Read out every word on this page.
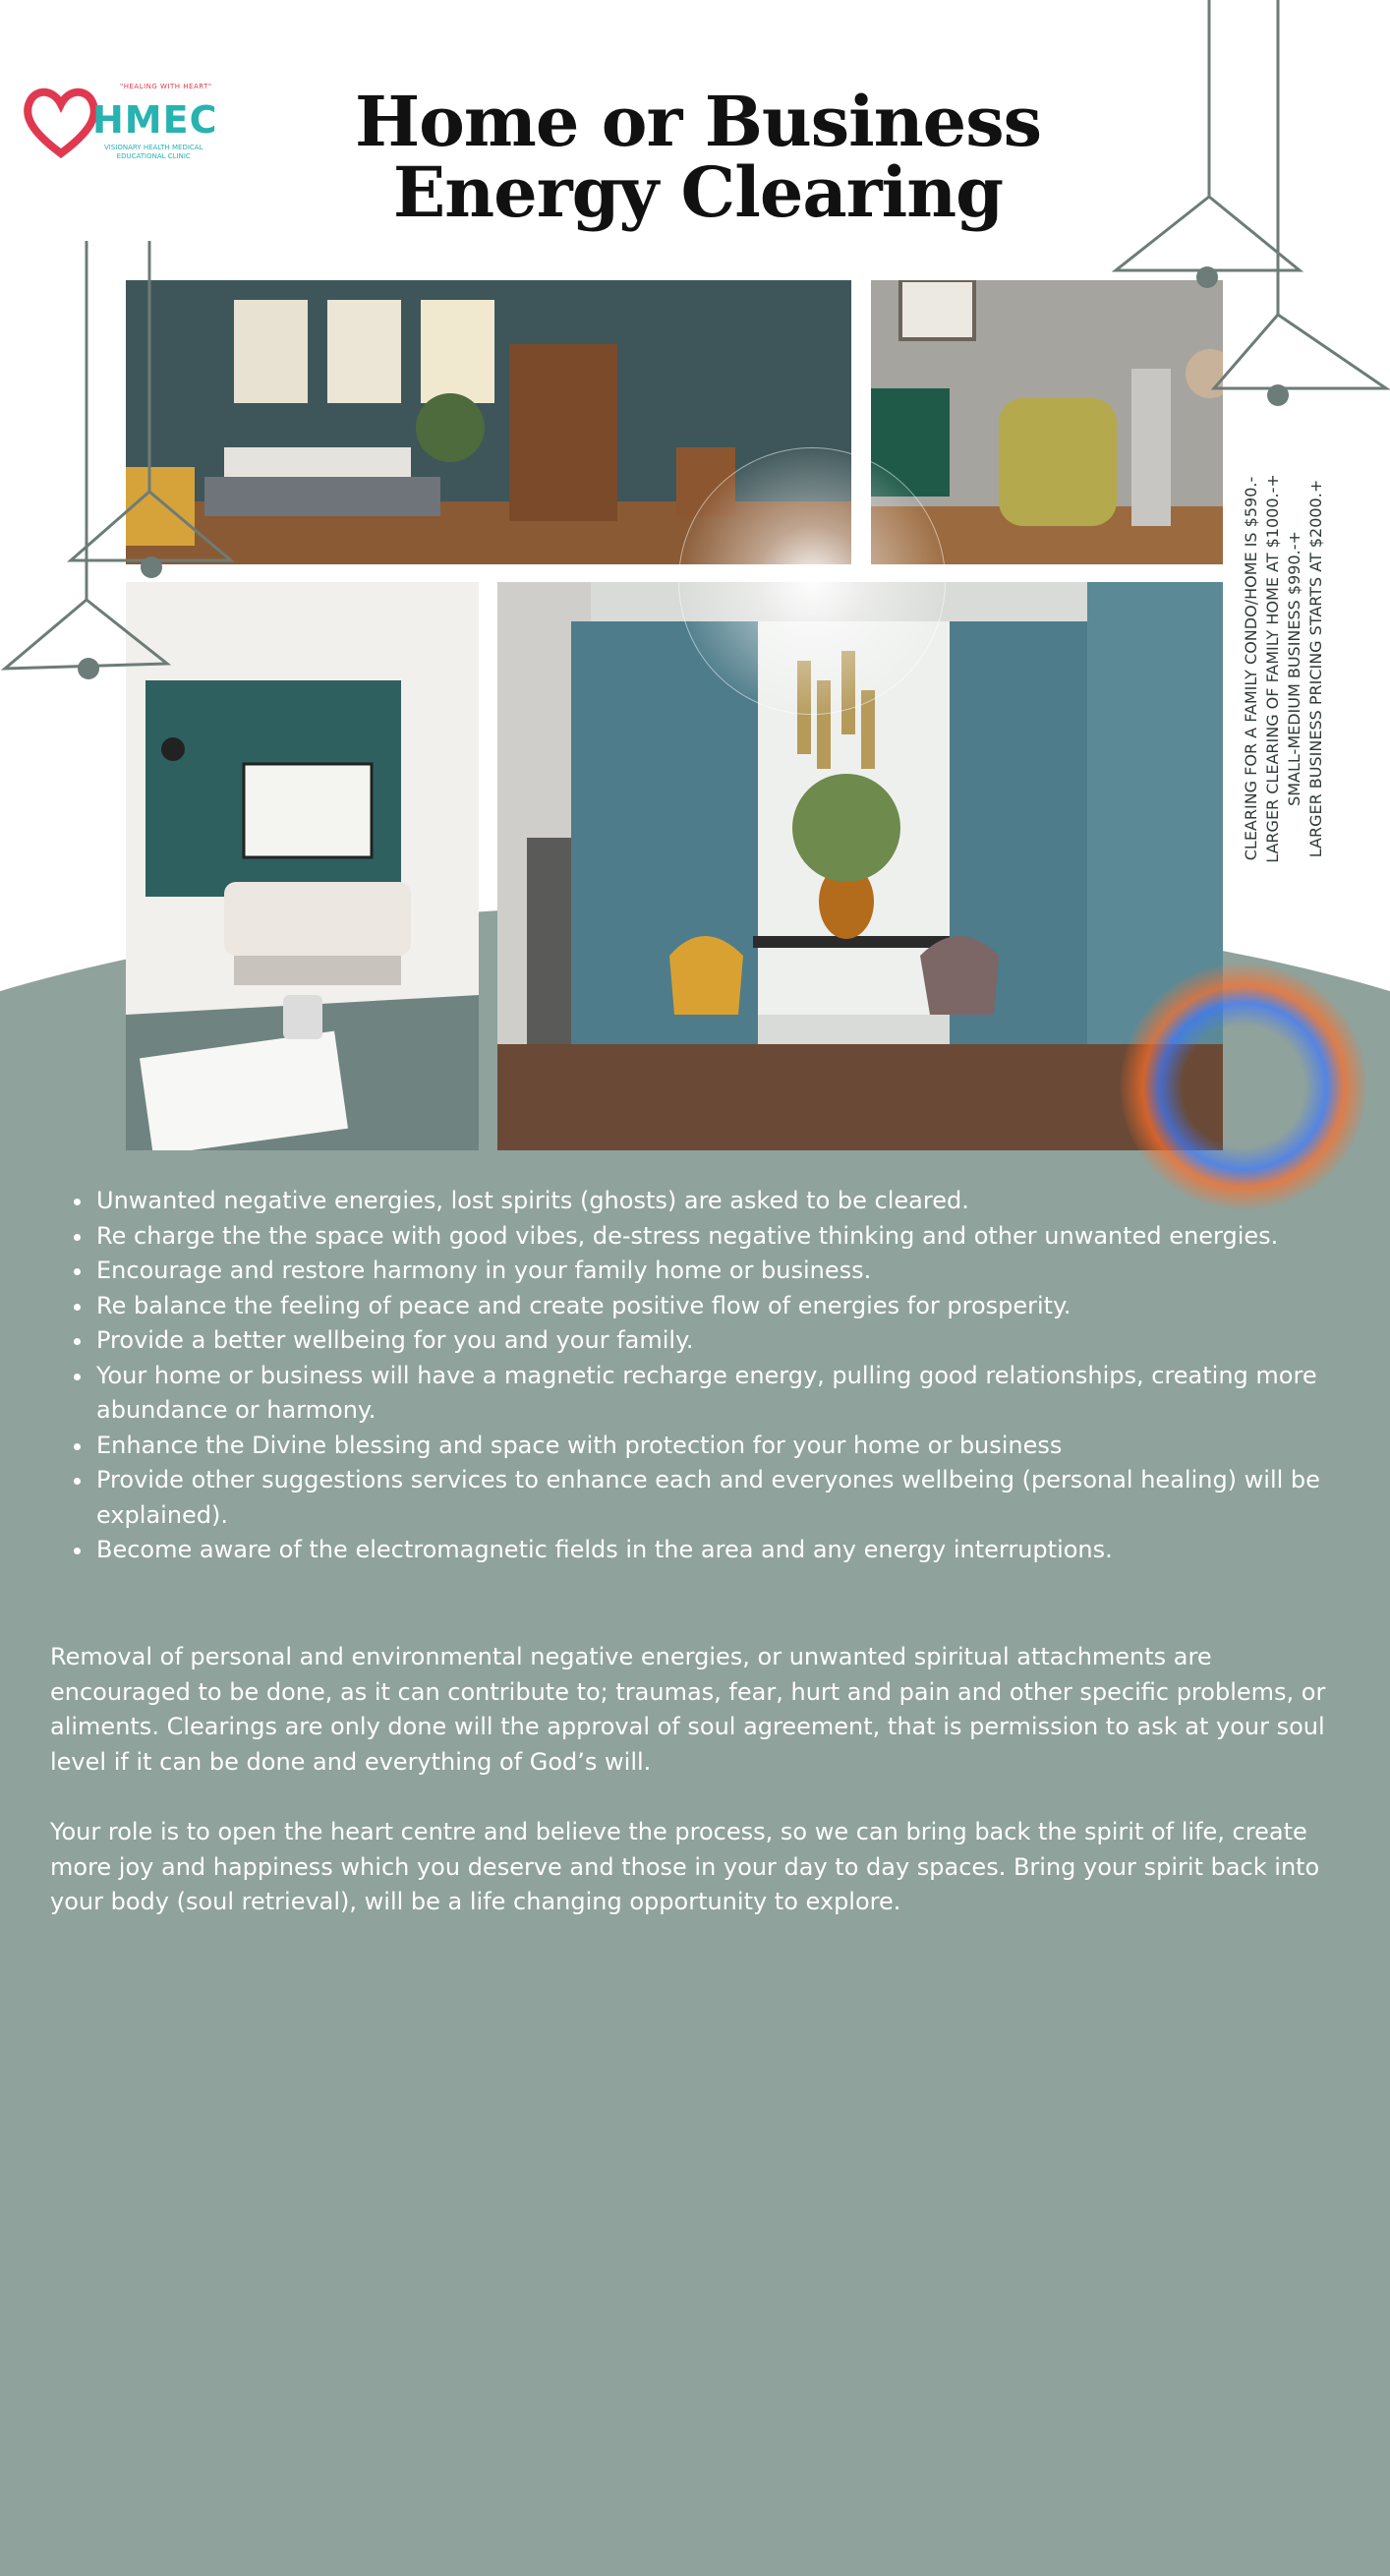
"HEALING WITH HEART"
HMEC
VISIONARY HEALTH MEDICAL
EDUCATIONAL CLINIC	Home or Business Energy Clearing
CLEARING FOR A FAMILY CONDO/HOME IS $590.- LARGER CLEARING OF FAMILY HOME AT $1000.-+ SMALL-MEDIUM BUSINESS $990.-+ LARGER BUSINESS PRICING STARTS AT $2000.+
• Unwanted negative energies, lost spirits (ghosts) are asked to be cleared.
• Re charge the the space with good vibes, de-stress negative thinking and other unwanted energies.
• Encourage and restore harmony in your family home or business.
• Re balance the feeling of peace and create positive flow of energies for prosperity.
• Provide a better wellbeing for you and your family.
• Your home or business will have a magnetic recharge energy, pulling good relationships, creating more abundance or harmony.
• Enhance the Divine blessing and space with protection for your home or business
• Provide other suggestions services to enhance each and everyones wellbeing (personal healing) will be explained).
• Become aware of the electromagnetic fields in the area and any energy interruptions.

Removal of personal and environmental negative energies, or unwanted spiritual attachments are encouraged to be done, as it can contribute to; traumas, fear, hurt and pain and other specific problems, or aliments. Clearings are only done will the approval of soul agreement, that is permission to ask at your soul level if it can be done and everything of God’s will.

Your role is to open the heart centre and believe the process, so we can bring back the spirit of life, create more joy and happiness which you deserve and those in your day to day spaces. Bring your spirit back into your body (soul retrieval), will be a life changing opportunity to explore.
